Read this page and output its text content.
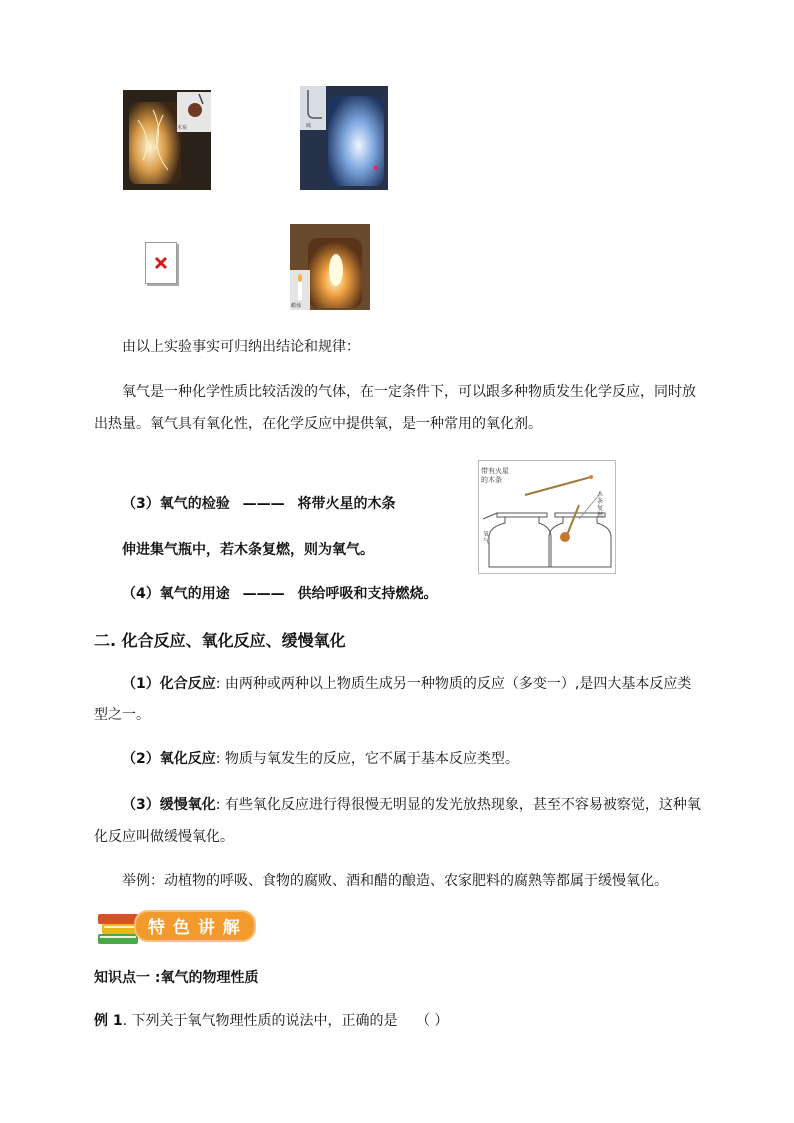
木炭	硫
蜡烛
由以上实验事实可归纳出结论和规律：
氧气是一种化学性质比较活泼的气体，在一定条件下，可以跟多种物质发生化学反应，同时放
出热量。氧气具有氧化性，在化学反应中提供氧，是一种常用的氧化剂。
（3）氧气的检验 ——— 将带火星的木条
伸进集气瓶中，若木条复燃，则为氧气。
带有火星
的木条
木条复燃
氧气
（4）氧气的用途 ——— 供给呼吸和支持燃烧。
二. 化合反应、氧化反应、缓慢氧化
（1）化合反应: 由两种或两种以上物质生成另一种物质的反应（多变一）,是四大基本反应类
型之一。
（2）氧化反应: 物质与氧发生的反应，它不属于基本反应类型。
（3）缓慢氧化: 有些氧化反应进行得很慢无明显的发光放热现象，甚至不容易被察觉，这种氧
化反应叫做缓慢氧化。
举例：动植物的呼吸、食物的腐败、酒和醋的酿造、农家肥料的腐熟等都属于缓慢氧化。
特 色 讲 解
知识点一 :氧气的物理性质
例 1. 下列关于氧气物理性质的说法中，正确的是 （ ）
